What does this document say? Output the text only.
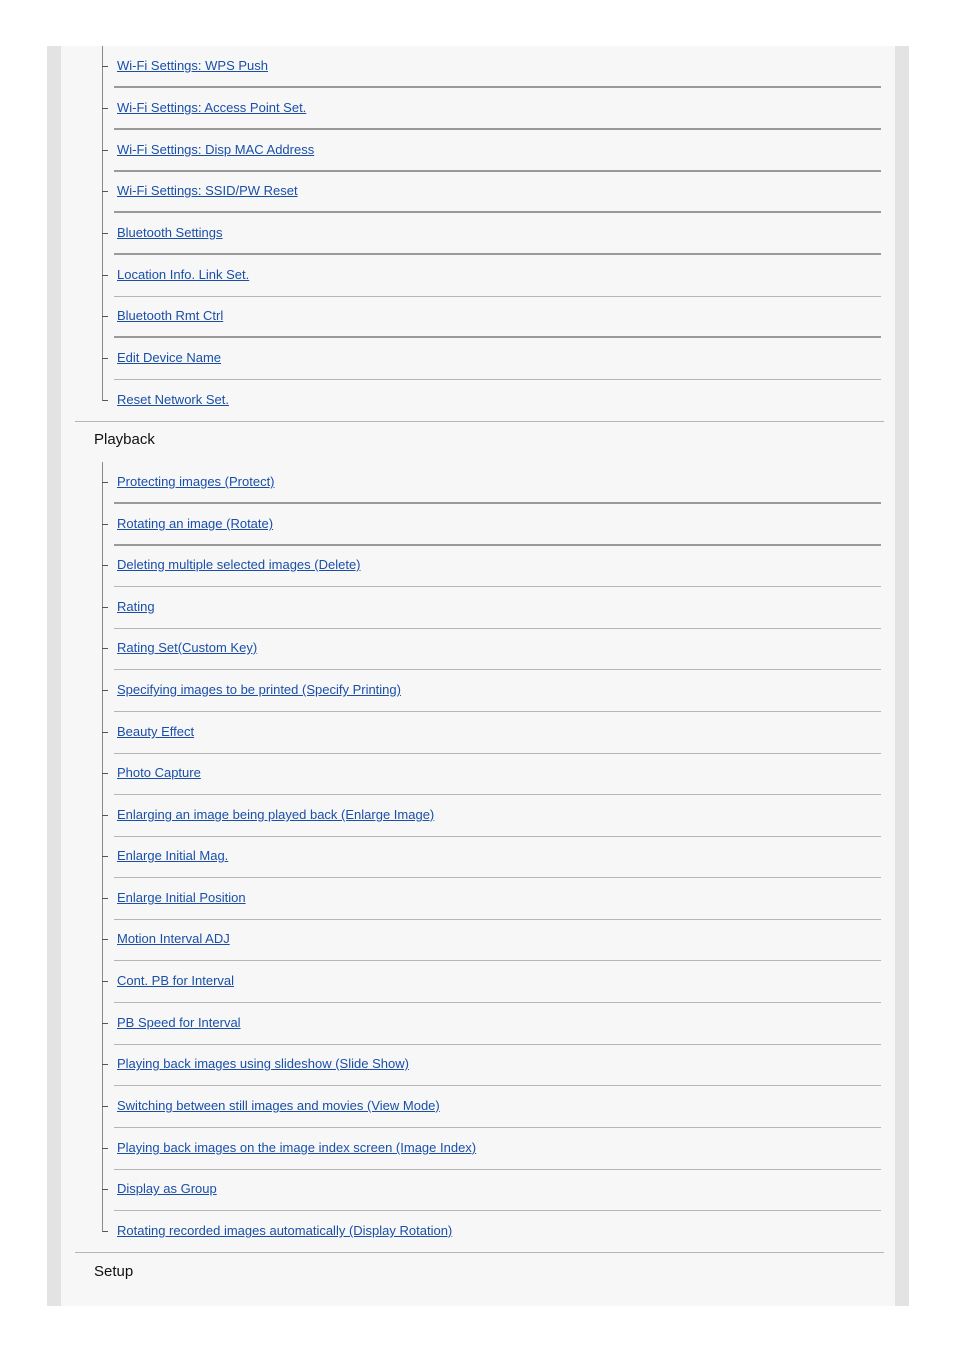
Wi-Fi Settings: WPS Push
Wi-Fi Settings: Access Point Set.
Wi-Fi Settings: Disp MAC Address
Wi-Fi Settings: SSID/PW Reset
Bluetooth Settings
Location Info. Link Set.
Bluetooth Rmt Ctrl
Edit Device Name
Reset Network Set.
Playback
Protecting images (Protect)
Rotating an image (Rotate)
Deleting multiple selected images (Delete)
Rating
Rating Set(Custom Key)
Specifying images to be printed (Specify Printing)
Beauty Effect
Photo Capture
Enlarging an image being played back (Enlarge Image)
Enlarge Initial Mag.
Enlarge Initial Position
Motion Interval ADJ
Cont. PB for Interval
PB Speed for Interval
Playing back images using slideshow (Slide Show)
Switching between still images and movies (View Mode)
Playing back images on the image index screen (Image Index)
Display as Group
Rotating recorded images automatically (Display Rotation)
Setup
